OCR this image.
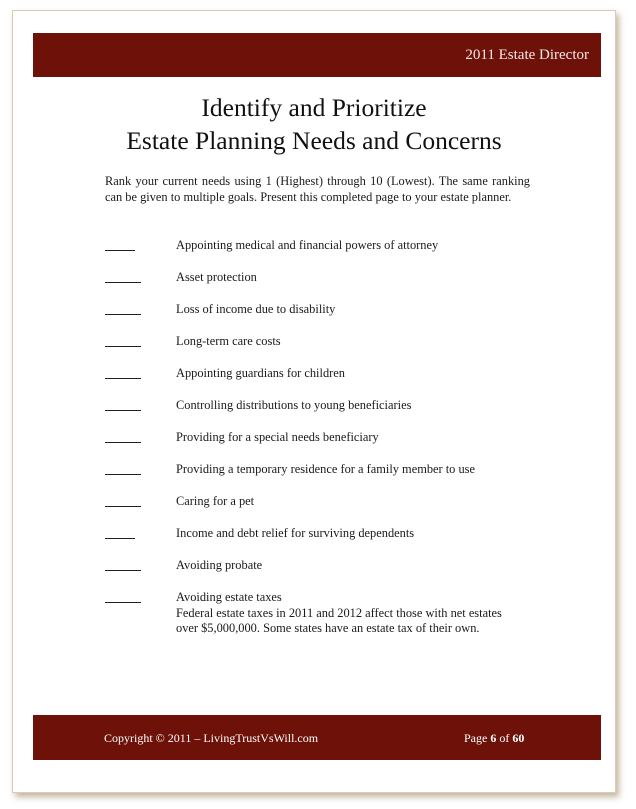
2011 Estate Director
Identify and Prioritize
Estate Planning Needs and Concerns
Rank your current needs using 1 (Highest) through 10 (Lowest). The same ranking can be given to multiple goals. Present this completed page to your estate planner.
Appointing medical and financial powers of attorney
Asset protection
Loss of income due to disability
Long-term care costs
Appointing guardians for children
Controlling distributions to young beneficiaries
Providing for a special needs beneficiary
Providing a temporary residence for a family member to use
Caring for a pet
Income and debt relief for surviving dependents
Avoiding probate
Avoiding estate taxes
Federal estate taxes in 2011 and 2012 affect those with net estates
over $5,000,000. Some states have an estate tax of their own.
Copyright © 2011 – LivingTrustVsWill.com	Page 6 of 60
